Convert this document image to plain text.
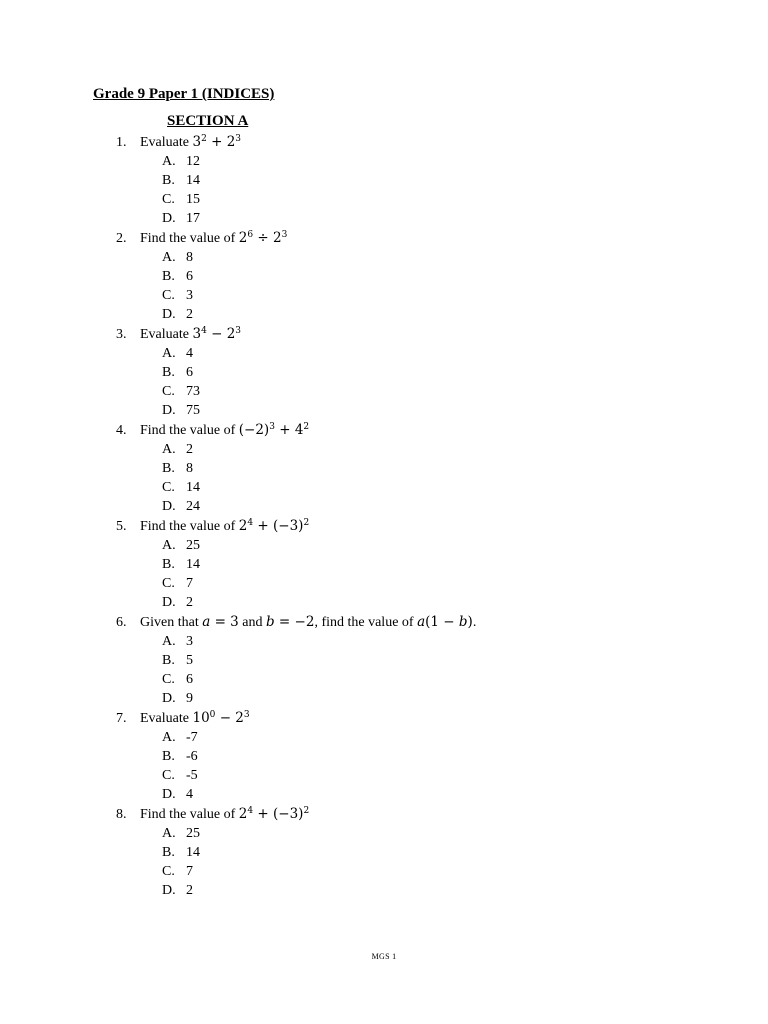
Grade 9 Paper 1 (INDICES)
SECTION A
1. Evaluate $3^2 + 2^3$
A. 12
B. 14
C. 15
D. 17
2. Find the value of $2^6 \div 2^3$
A. 8
B. 6
C. 3
D. 2
3. Evaluate $3^4 - 2^3$
A. 4
B. 6
C. 73
D. 75
4. Find the value of $(-2)^3 + 4^2$
A. 2
B. 8
C. 14
D. 24
5. Find the value of $2^4 + (-3)^2$
A. 25
B. 14
C. 7
D. 2
6. Given that a = 3 and b = −2, find the value of a(1 − b).
A. 3
B. 5
C. 6
D. 9
7. Evaluate $10^0 - 2^3$
A. -7
B. -6
C. -5
D. 4
8. Find the value of $2^4 + (-3)^2$
A. 25
B. 14
C. 7
D. 2
MGS 1
